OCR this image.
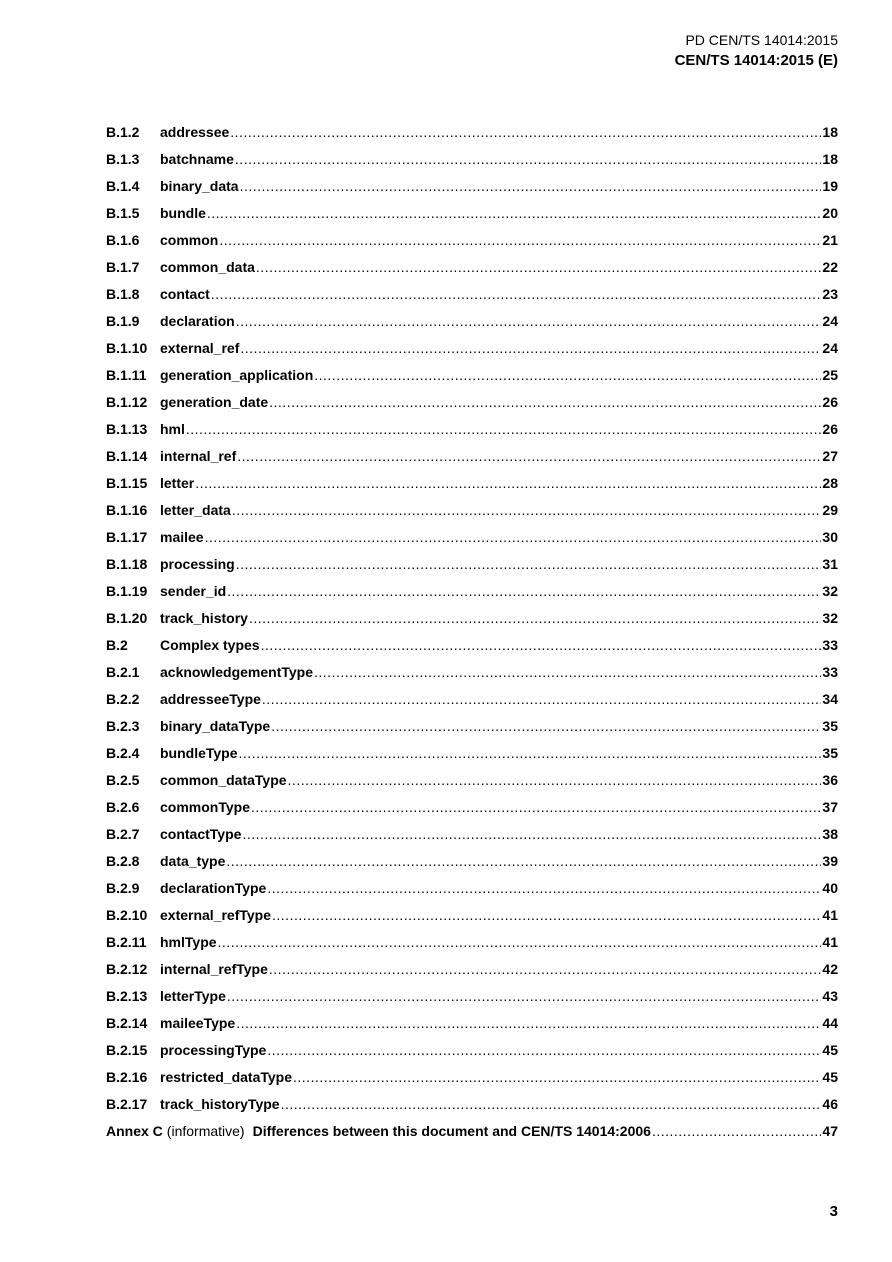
PD CEN/TS 14014:2015
CEN/TS 14014:2015 (E)
B.1.2	addressee .....	18
B.1.3	batchname .....	18
B.1.4	binary_data .....	19
B.1.5	bundle .....	20
B.1.6	common .....	21
B.1.7	common_data .....	22
B.1.8	contact .....	23
B.1.9	declaration .....	24
B.1.10 external_ref .....	24
B.1.11 generation_application .....	25
B.1.12 generation_date .....	26
B.1.13 hml .....	26
B.1.14 internal_ref .....	27
B.1.15 letter .....	28
B.1.16 letter_data .....	29
B.1.17 mailee .....	30
B.1.18 processing .....	31
B.1.19 sender_id .....	32
B.1.20 track_history .....	32
B.2	Complex types .....	33
B.2.1	acknowledgementType .....	33
B.2.2	addresseeType .....	34
B.2.3	binary_dataType .....	35
B.2.4	bundleType .....	35
B.2.5	common_dataType .....	36
B.2.6	commonType .....	37
B.2.7	contactType .....	38
B.2.8	data_type .....	39
B.2.9	declarationType .....	40
B.2.10 external_refType .....	41
B.2.11 hmlType .....	41
B.2.12 internal_refType .....	42
B.2.13 letterType .....	43
B.2.14 maileeType .....	44
B.2.15 processingType .....	45
B.2.16 restricted_dataType .....	45
B.2.17 track_historyType .....	46
Annex C (informative) Differences between this document and CEN/TS 14014:2006 .....	47
3
